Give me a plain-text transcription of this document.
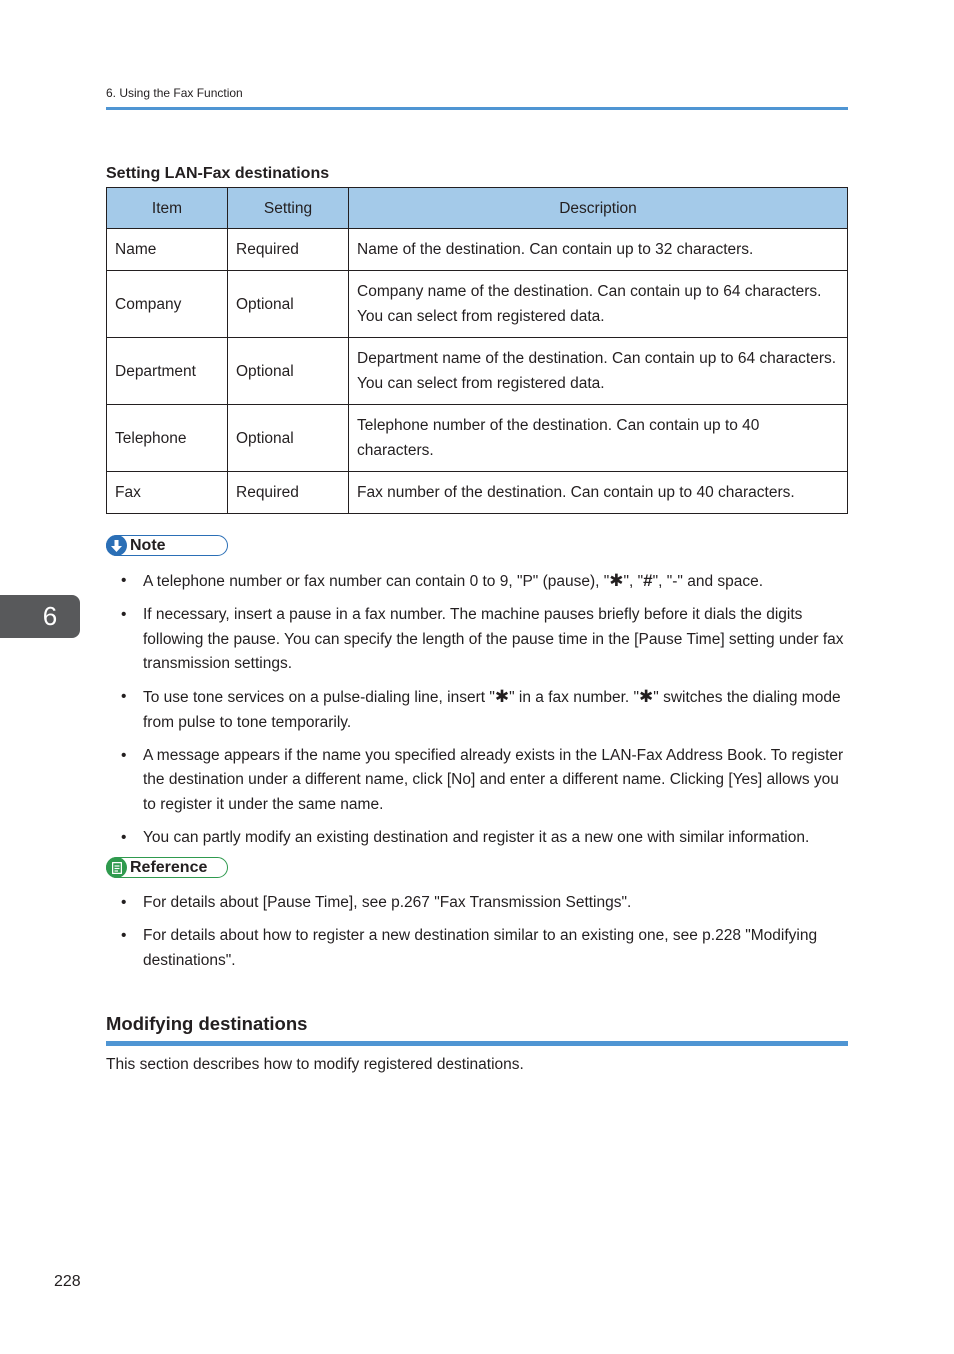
6. Using the Fax Function
Setting LAN-Fax destinations
Item	Setting	Description
Name	Required	Name of the destination. Can contain up to 32 characters.
Company	Optional	Company name of the destination. Can contain up to 64 characters. You can select from registered data.
Department	Optional	Department name of the destination. Can contain up to 64 characters. You can select from registered data.
Telephone	Optional	Telephone number of the destination. Can contain up to 40 characters.
Fax	Required	Fax number of the destination. Can contain up to 40 characters.
Note
• A telephone number or fax number can contain 0 to 9, "P" (pause), "✱", "#", "-" and space.
• If necessary, insert a pause in a fax number. The machine pauses briefly before it dials the digits following the pause. You can specify the length of the pause time in the [Pause Time] setting under fax transmission settings.
• To use tone services on a pulse-dialing line, insert "✱" in a fax number. "✱" switches the dialing mode from pulse to tone temporarily.
• A message appears if the name you specified already exists in the LAN-Fax Address Book. To register the destination under a different name, click [No] and enter a different name. Clicking [Yes] allows you to register it under the same name.
• You can partly modify an existing destination and register it as a new one with similar information.
Reference
• For details about [Pause Time], see p.267 "Fax Transmission Settings".
• For details about how to register a new destination similar to an existing one, see p.228 "Modifying destinations".
6
Modifying destinations
This section describes how to modify registered destinations.
228
